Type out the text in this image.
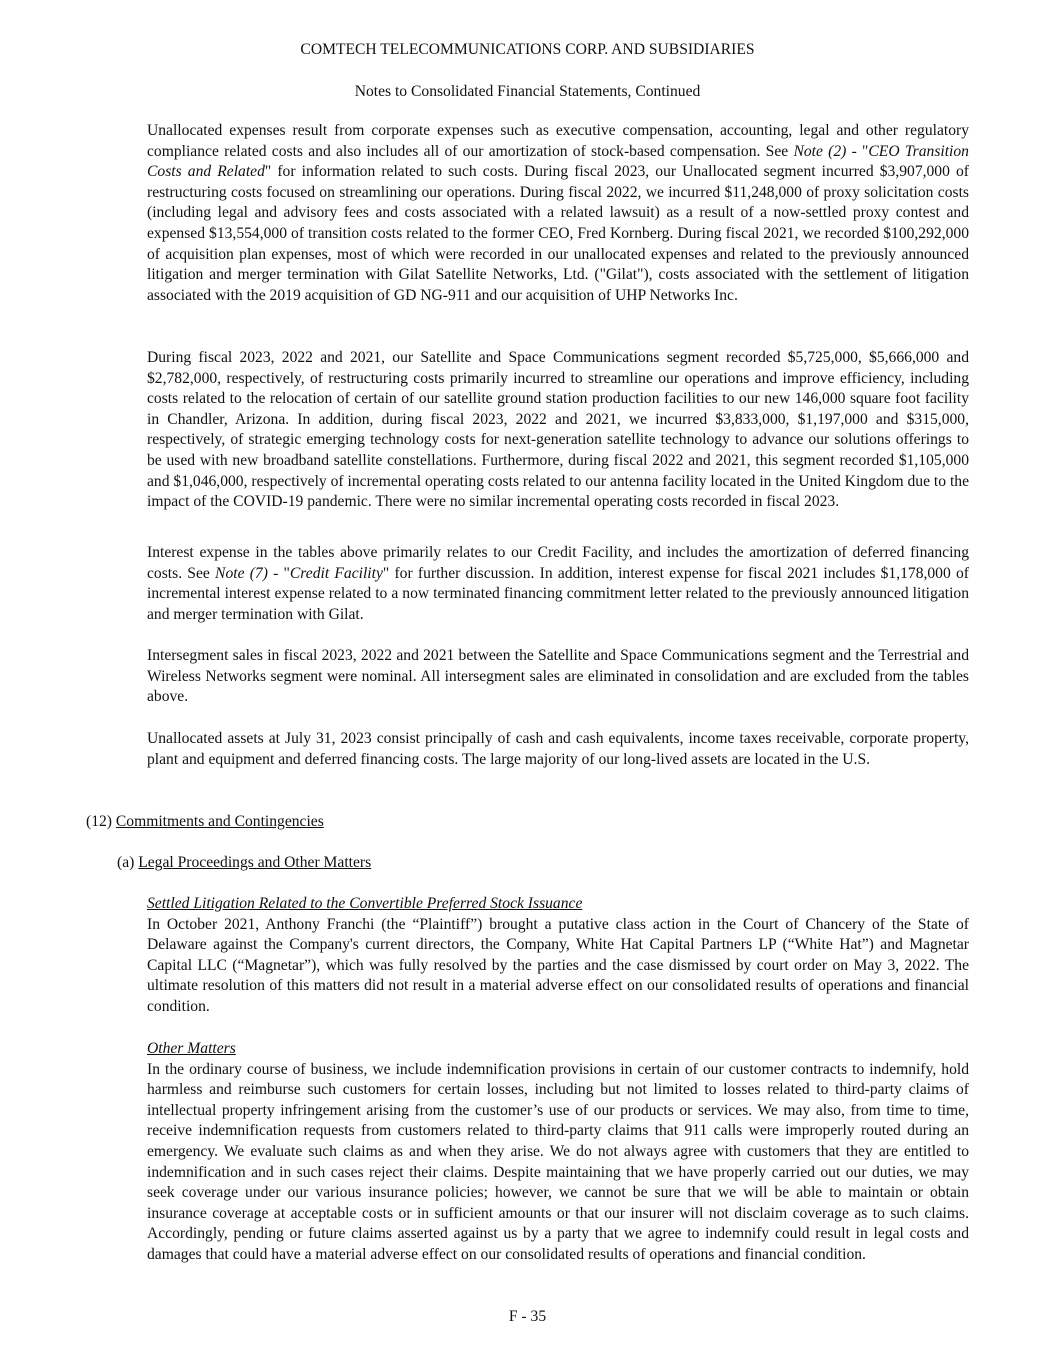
COMTECH TELECOMMUNICATIONS CORP. AND SUBSIDIARIES
Notes to Consolidated Financial Statements, Continued

Unallocated expenses result from corporate expenses such as executive compensation, accounting, legal and other regulatory compliance related costs and also includes all of our amortization of stock-based compensation. See Note (2) - "CEO Transition Costs and Related" for information related to such costs. During fiscal 2023, our Unallocated segment incurred $3,907,000 of restructuring costs focused on streamlining our operations. During fiscal 2022, we incurred $11,248,000 of proxy solicitation costs (including legal and advisory fees and costs associated with a related lawsuit) as a result of a now-settled proxy contest and expensed $13,554,000 of transition costs related to the former CEO, Fred Kornberg. During fiscal 2021, we recorded $100,292,000 of acquisition plan expenses, most of which were recorded in our unallocated expenses and related to the previously announced litigation and merger termination with Gilat Satellite Networks, Ltd. ("Gilat"), costs associated with the settlement of litigation associated with the 2019 acquisition of GD NG-911 and our acquisition of UHP Networks Inc.

During fiscal 2023, 2022 and 2021, our Satellite and Space Communications segment recorded $5,725,000, $5,666,000 and $2,782,000, respectively, of restructuring costs primarily incurred to streamline our operations and improve efficiency, including costs related to the relocation of certain of our satellite ground station production facilities to our new 146,000 square foot facility in Chandler, Arizona. In addition, during fiscal 2023, 2022 and 2021, we incurred $3,833,000, $1,197,000 and $315,000, respectively, of strategic emerging technology costs for next-generation satellite technology to advance our solutions offerings to be used with new broadband satellite constellations. Furthermore, during fiscal 2022 and 2021, this segment recorded $1,105,000 and $1,046,000, respectively of incremental operating costs related to our antenna facility located in the United Kingdom due to the impact of the COVID-19 pandemic. There were no similar incremental operating costs recorded in fiscal 2023.

Interest expense in the tables above primarily relates to our Credit Facility, and includes the amortization of deferred financing costs. See Note (7) - "Credit Facility" for further discussion. In addition, interest expense for fiscal 2021 includes $1,178,000 of incremental interest expense related to a now terminated financing commitment letter related to the previously announced litigation and merger termination with Gilat.

Intersegment sales in fiscal 2023, 2022 and 2021 between the Satellite and Space Communications segment and the Terrestrial and Wireless Networks segment were nominal. All intersegment sales are eliminated in consolidation and are excluded from the tables above.

Unallocated assets at July 31, 2023 consist principally of cash and cash equivalents, income taxes receivable, corporate property, plant and equipment and deferred financing costs. The large majority of our long-lived assets are located in the U.S.

(12) Commitments and Contingencies

(a) Legal Proceedings and Other Matters

Settled Litigation Related to the Convertible Preferred Stock Issuance

In October 2021, Anthony Franchi (the “Plaintiff”) brought a putative class action in the Court of Chancery of the State of Delaware against the Company's current directors, the Company, White Hat Capital Partners LP (“White Hat”) and Magnetar Capital LLC (“Magnetar”), which was fully resolved by the parties and the case dismissed by court order on May 3, 2022. The ultimate resolution of this matters did not result in a material adverse effect on our consolidated results of operations and financial condition.

Other Matters

In the ordinary course of business, we include indemnification provisions in certain of our customer contracts to indemnify, hold harmless and reimburse such customers for certain losses, including but not limited to losses related to third-party claims of intellectual property infringement arising from the customer’s use of our products or services. We may also, from time to time, receive indemnification requests from customers related to third-party claims that 911 calls were improperly routed during an emergency. We evaluate such claims as and when they arise. We do not always agree with customers that they are entitled to indemnification and in such cases reject their claims. Despite maintaining that we have properly carried out our duties, we may seek coverage under our various insurance policies; however, we cannot be sure that we will be able to maintain or obtain insurance coverage at acceptable costs or in sufficient amounts or that our insurer will not disclaim coverage as to such claims. Accordingly, pending or future claims asserted against us by a party that we agree to indemnify could result in legal costs and damages that could have a material adverse effect on our consolidated results of operations and financial condition.

F - 35
